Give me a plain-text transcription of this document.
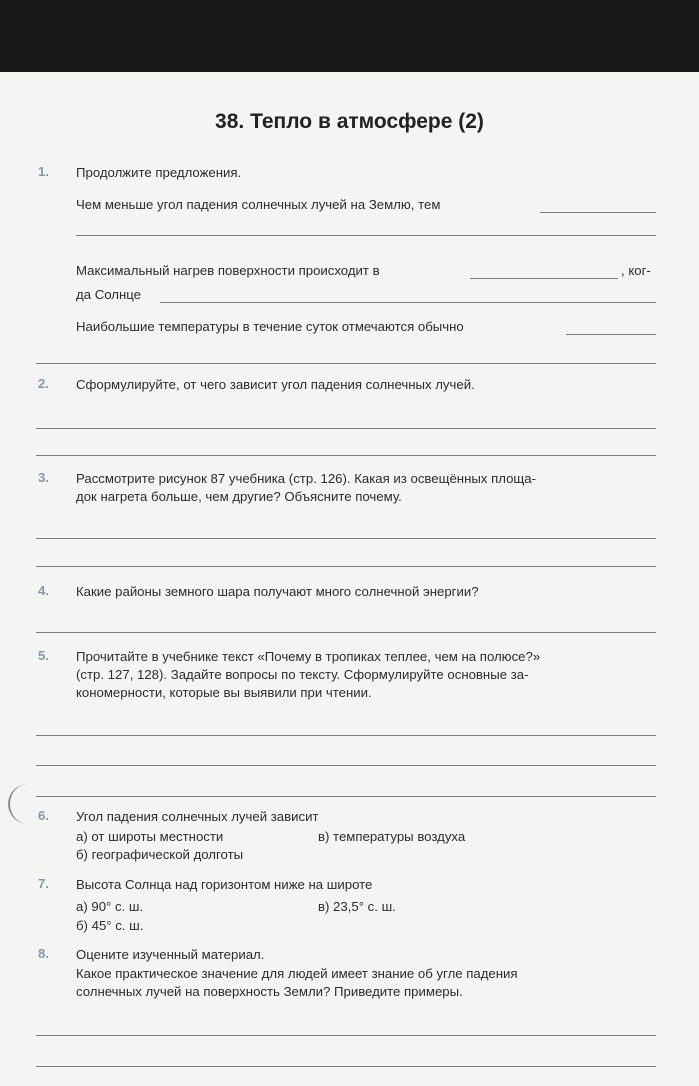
38. Тепло в атмосфере (2)
1. Продолжите предложения.
Чем меньше угол падения солнечных лучей на Землю, тем
Максимальный нагрев поверхности происходит в	, ког-
да Солнце
Наибольшие температуры в течение суток отмечаются обычно
2. Сформулируйте, от чего зависит угол падения солнечных лучей.
3. Рассмотрите рисунок 87 учебника (стр. 126). Какая из освещённых площа-
док нагрета больше, чем другие? Объясните почему.
4. Какие районы земного шара получают много солнечной энергии?
5. Прочитайте в учебнике текст «Почему в тропиках теплее, чем на полюсе?»
(стр. 127, 128). Задайте вопросы по тексту. Сформулируйте основные за-
кономерности, которые вы выявили при чтении.
6. Угол падения солнечных лучей зависит
а) от широты местности	в) температуры воздуха
б) географической долготы
7. Высота Солнца над горизонтом ниже на широте
а) 90° с. ш.	в) 23,5° с. ш.
б) 45° с. ш.
8. Оцените изученный материал.
Какое практическое значение для людей имеет знание об угле падения
солнечных лучей на поверхность Земли? Приведите примеры.
